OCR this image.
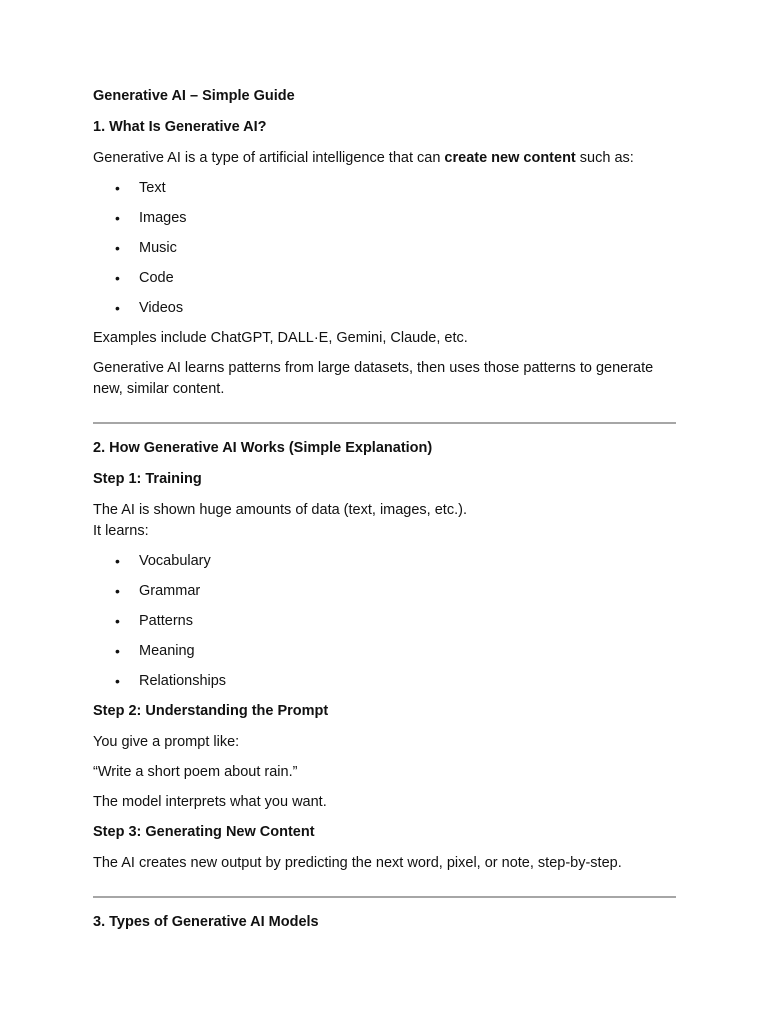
Generative AI – Simple Guide

1. What Is Generative AI?

Generative AI is a type of artificial intelligence that can create new content such as:

• Text
• Images
• Music
• Code
• Videos

Examples include ChatGPT, DALL·E, Gemini, Claude, etc.

Generative AI learns patterns from large datasets, then uses those patterns to generate new, similar content.

2. How Generative AI Works (Simple Explanation)

Step 1: Training

The AI is shown huge amounts of data (text, images, etc.).
It learns:

• Vocabulary
• Grammar
• Patterns
• Meaning
• Relationships

Step 2: Understanding the Prompt

You give a prompt like:

“Write a short poem about rain.”

The model interprets what you want.

Step 3: Generating New Content

The AI creates new output by predicting the next word, pixel, or note, step-by-step.

3. Types of Generative AI Models
